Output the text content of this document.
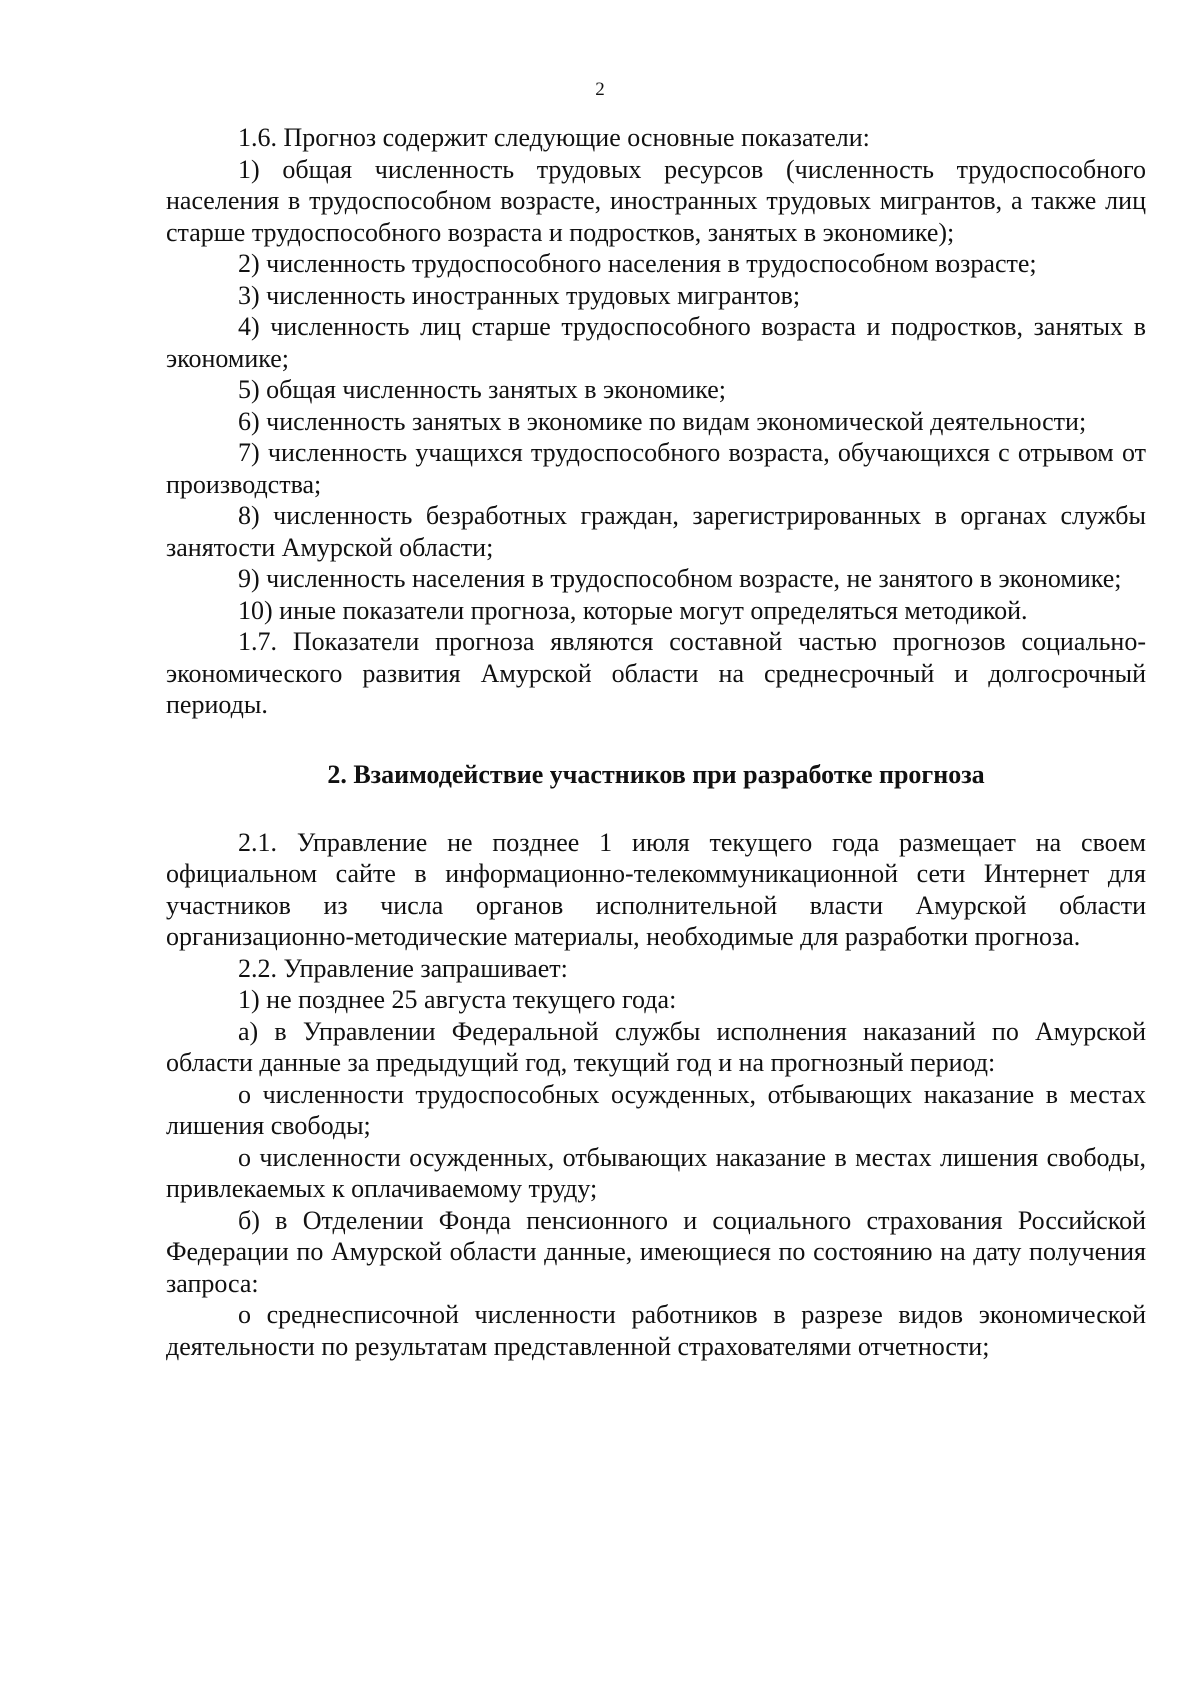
2

1.6. Прогноз содержит следующие основные показатели:

1) общая численность трудовых ресурсов (численность трудоспособного населения в трудоспособном возрасте, иностранных трудовых мигрантов, а также лиц старше трудоспособного возраста и подростков, занятых в экономике);

2) численность трудоспособного населения в трудоспособном возрасте;

3) численность иностранных трудовых мигрантов;

4) численность лиц старше трудоспособного возраста и подростков, занятых в экономике;

5) общая численность занятых в экономике;

6) численность занятых в экономике по видам экономической деятельности;

7) численность учащихся трудоспособного возраста, обучающихся с отрывом от производства;

8) численность безработных граждан, зарегистрированных в органах службы занятости Амурской области;

9) численность населения в трудоспособном возрасте, не занятого в экономике;

10) иные показатели прогноза, которые могут определяться методикой.

1.7. Показатели прогноза являются составной частью прогнозов социально-экономического развития Амурской области на среднесрочный и долгосрочный периоды.

2. Взаимодействие участников при разработке прогноза

2.1. Управление не позднее 1 июля текущего года размещает на своем официальном сайте в информационно-телекоммуникационной сети Интернет для участников из числа органов исполнительной власти Амурской области организационно-методические материалы, необходимые для разработки прогноза.

2.2. Управление запрашивает:

1) не позднее 25 августа текущего года:

а) в Управлении Федеральной службы исполнения наказаний по Амурской области данные за предыдущий год, текущий год и на прогнозный период:

о численности трудоспособных осужденных, отбывающих наказание в местах лишения свободы;

о численности осужденных, отбывающих наказание в местах лишения свободы, привлекаемых к оплачиваемому труду;

б) в Отделении Фонда пенсионного и социального страхования Российской Федерации по Амурской области данные, имеющиеся по состоянию на дату получения запроса:

о среднесписочной численности работников в разрезе видов экономической деятельности по результатам представленной страхователями отчетности;
